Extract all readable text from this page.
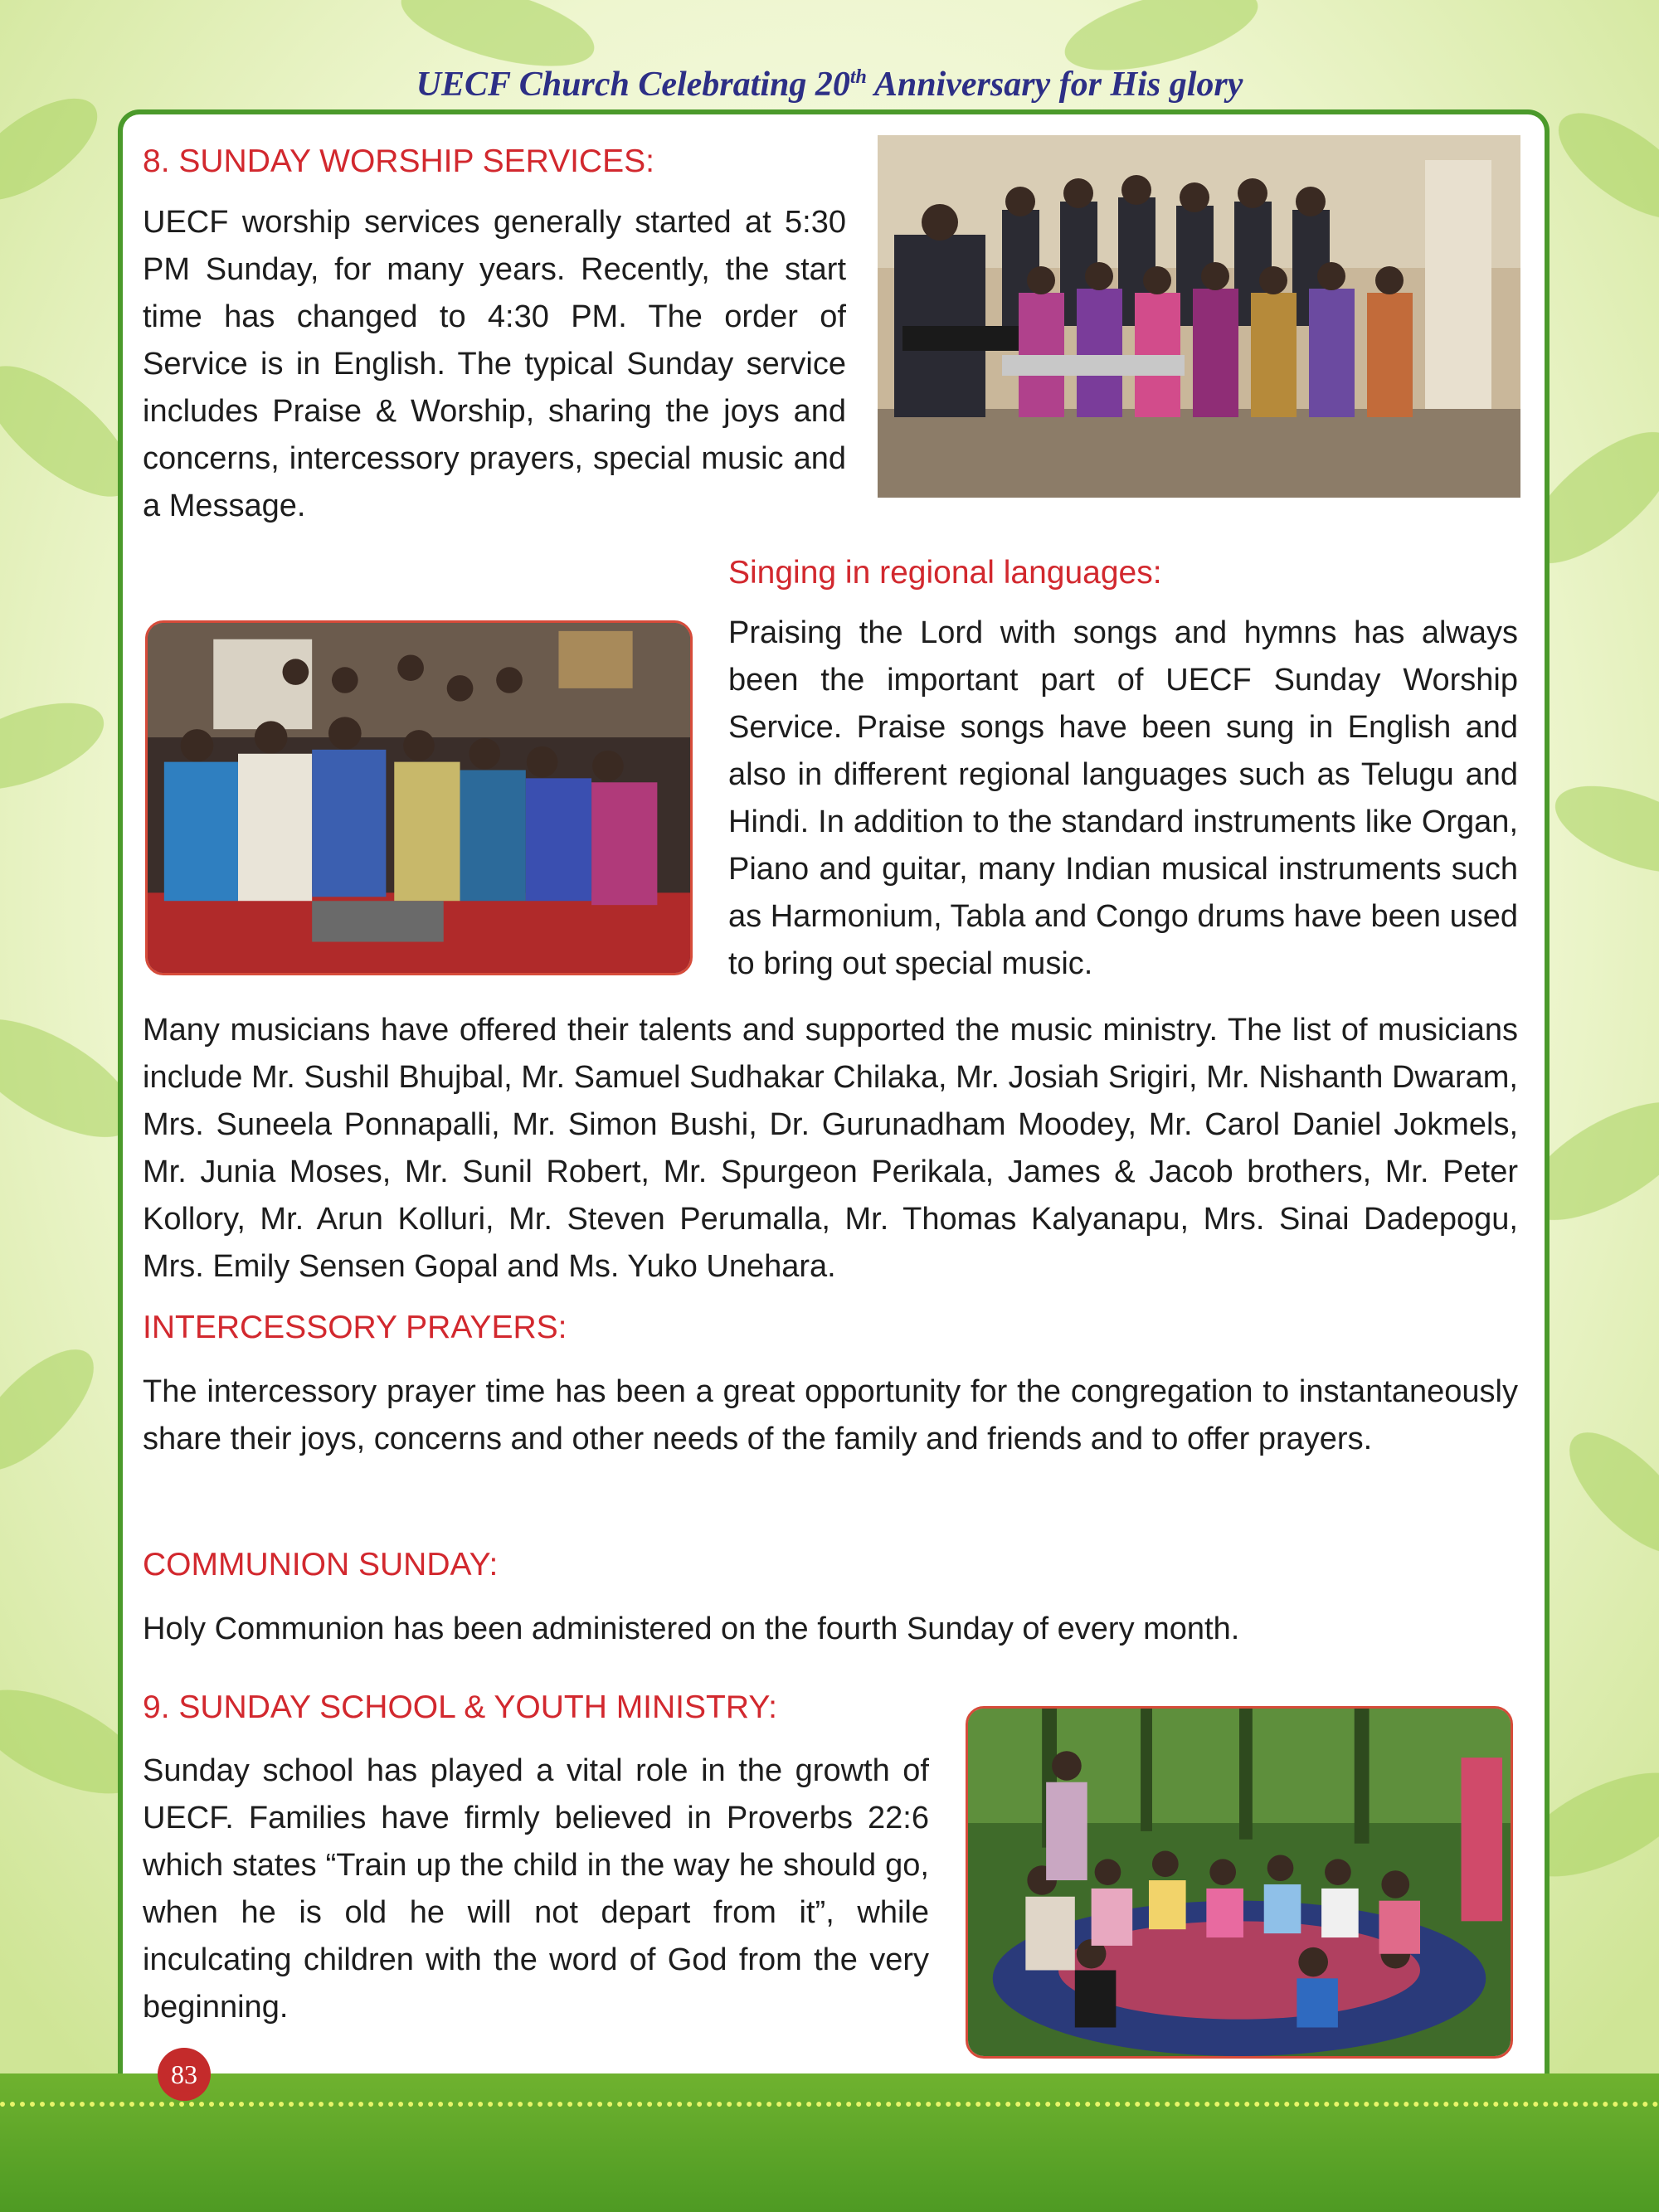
UECF Church Celebrating 20th Anniversary for His glory
8. SUNDAY WORSHIP SERVICES:
UECF worship services generally started at 5:30 PM Sunday, for many years. Recently, the start time has changed to 4:30 PM. The order of Service is in English. The typical Sunday service includes Praise & Worship, sharing the joys and concerns, intercessory prayers, special music and a Message.
Singing in regional languages:
Praising the Lord with songs and hymns has always been the important part of UECF Sunday Worship Service. Praise songs have been sung in English and also in different regional languages such as Telugu and Hindi. In addition to the standard instruments like Organ, Piano and guitar, many Indian musical instruments such as Harmonium, Tabla and Congo drums have been used to bring out special music.
Many musicians have offered their talents and supported the music ministry. The list of musicians include Mr. Sushil Bhujbal, Mr. Samuel Sudhakar Chilaka, Mr. Josiah Srigiri, Mr. Nishanth Dwaram, Mrs. Suneela Ponnapalli, Mr. Simon Bushi, Dr. Gurunadham Moodey, Mr. Carol Daniel Jokmels, Mr. Junia Moses, Mr. Sunil Robert, Mr. Spurgeon Perikala, James & Jacob brothers, Mr. Peter Kollory, Mr. Arun Kolluri, Mr. Steven Perumalla, Mr. Thomas Kalyanapu, Mrs. Sinai Dadepogu, Mrs. Emily Sensen Gopal and Ms. Yuko Unehara.
INTERCESSORY PRAYERS:
The intercessory prayer time has been a great opportunity for the congregation to instantaneously share their joys, concerns and other needs of the family and friends and to offer prayers.
COMMUNION SUNDAY:
Holy Communion has been administered on the fourth Sunday of every month.
9. SUNDAY SCHOOL & YOUTH MINISTRY:
Sunday school has played a vital role in the growth of UECF. Families have firmly believed in Proverbs 22:6 which states “Train up the child in the way he should go, when he is old he will not depart from it”, while inculcating children with the word of God from the very beginning.
83
